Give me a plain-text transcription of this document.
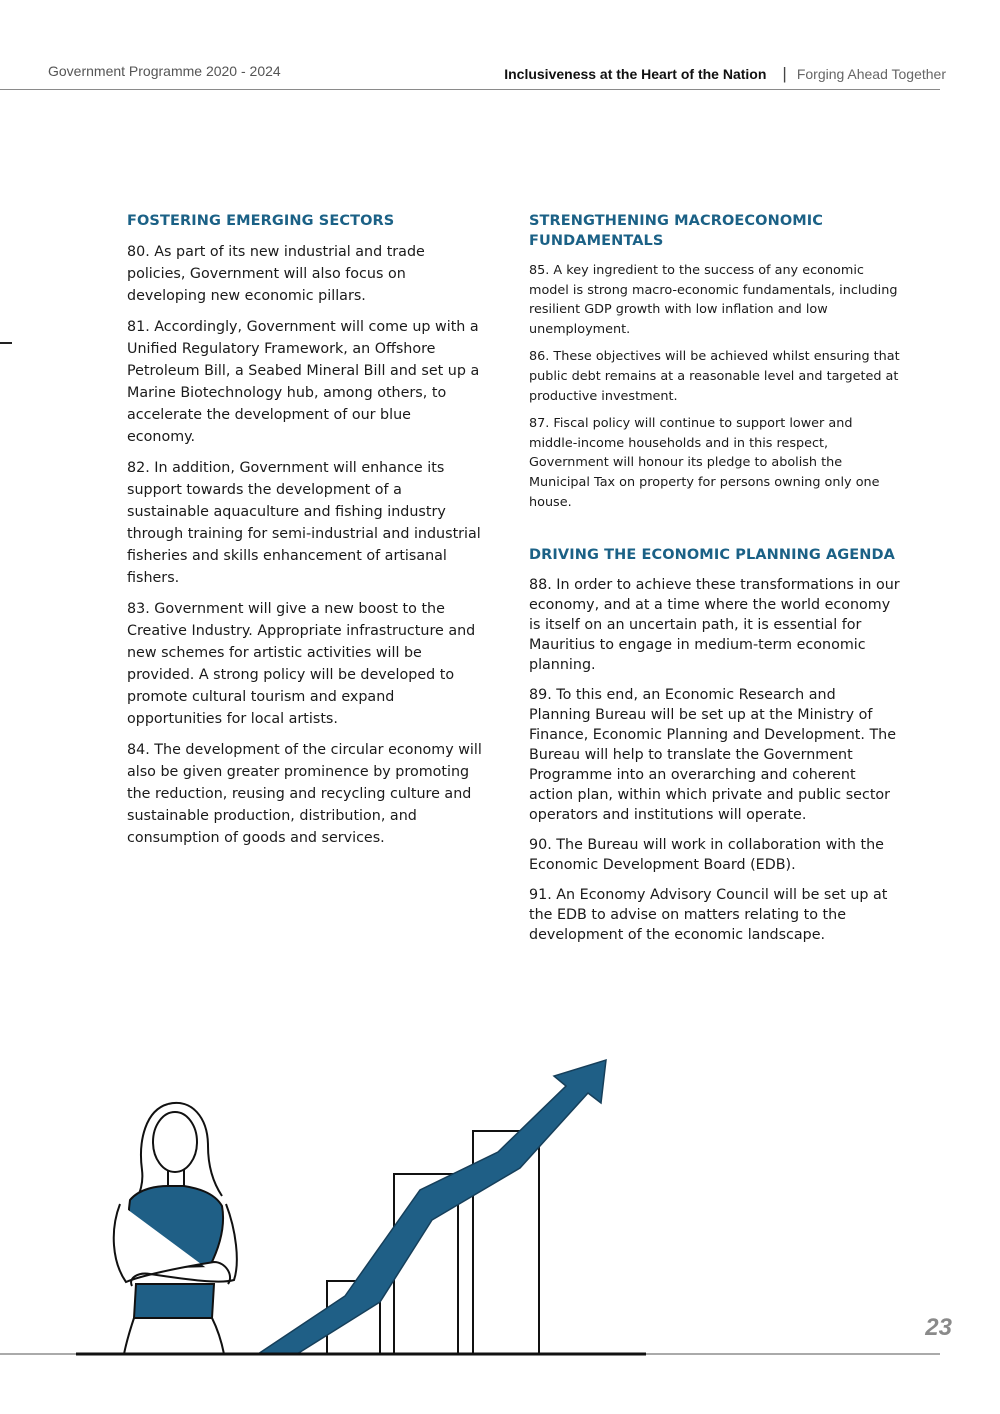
Government Programme 2020 - 2024	Inclusiveness at the Heart of the Nation | Forging Ahead Together
FOSTERING EMERGING SECTORS

80. As part of its new industrial and trade policies, Government will also focus on developing new economic pillars.

81. Accordingly, Government will come up with a Unified Regulatory Framework, an Offshore Petroleum Bill, a Seabed Mineral Bill and set up a Marine Biotechnology hub, among others, to accelerate the development of our blue economy.

82. In addition, Government will enhance its support towards the development of a sustainable aquaculture and fishing industry through training for semi-industrial and industrial fisheries and skills enhancement of artisanal fishers.

83. Government will give a new boost to the Creative Industry. Appropriate infrastructure and new schemes for artistic activities will be provided. A strong policy will be developed to promote cultural tourism and expand opportunities for local artists.

84. The development of the circular economy will also be given greater prominence by promoting the reduction, reusing and recycling culture and sustainable production, distribution, and consumption of goods and services.

STRENGTHENING MACROECONOMIC FUNDAMENTALS

85. A key ingredient to the success of any economic model is strong macro-economic fundamentals, including resilient GDP growth with low inflation and low unemployment.

86. These objectives will be achieved whilst ensuring that public debt remains at a reasonable level and targeted at productive investment.

87. Fiscal policy will continue to support lower and middle-income households and in this respect, Government will honour its pledge to abolish the Municipal Tax on property for persons owning only one house.

DRIVING THE ECONOMIC PLANNING AGENDA

88. In order to achieve these transformations in our economy, and at a time where the world economy is itself on an uncertain path, it is essential for Mauritius to engage in medium-term economic planning.

89. To this end, an Economic Research and Planning Bureau will be set up at the Ministry of Finance, Economic Planning and Development. The Bureau will help to translate the Government Programme into an overarching and coherent action plan, within which private and public sector operators and institutions will operate.

90. The Bureau will work in collaboration with the Economic Development Board (EDB).

91. An Economy Advisory Council will be set up at the EDB to advise on matters relating to the development of the economic landscape.

23
